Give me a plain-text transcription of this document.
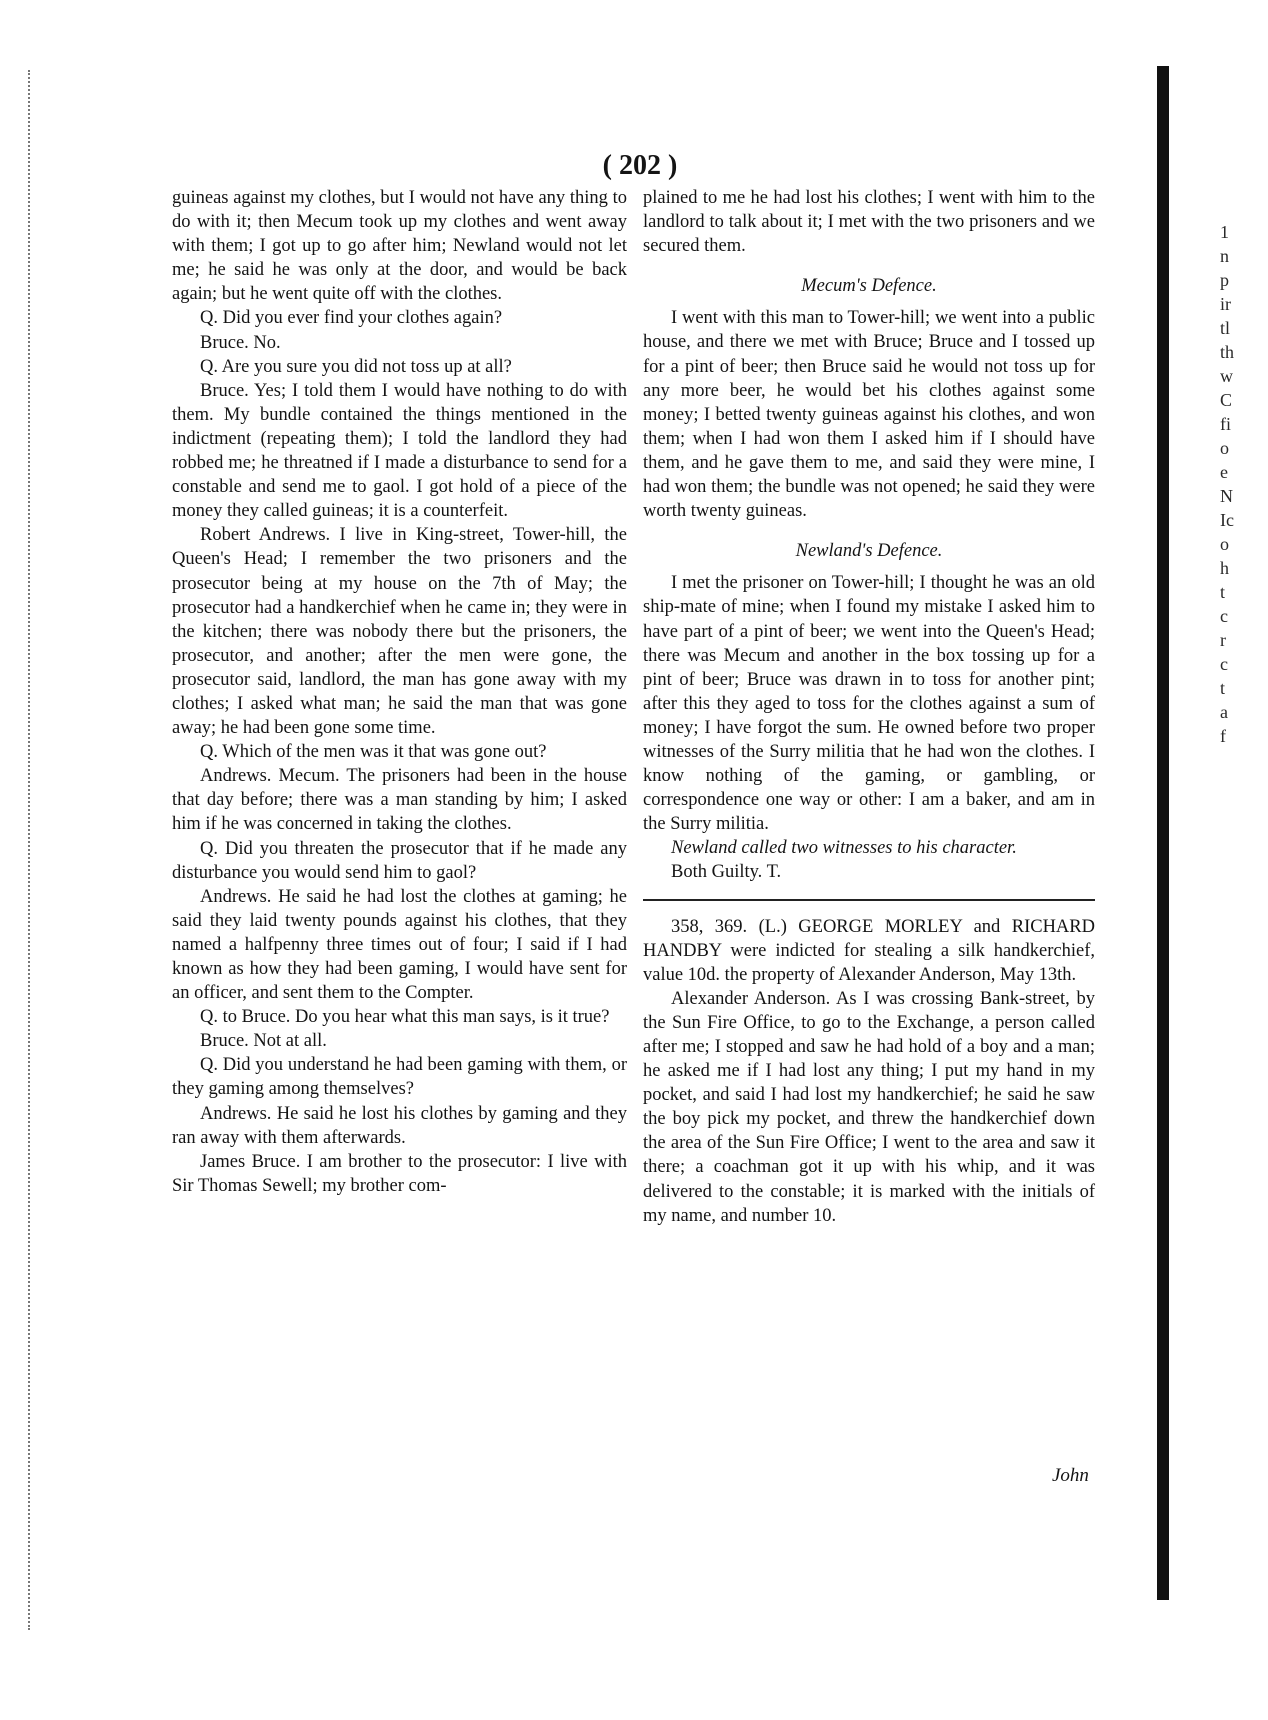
( 202 )

guineas against my clothes, but I would not have any thing to do with it; then Mecum took up my clothes and went away with them; I got up to go after him; Newland would not let me; he said he was only at the door, and would be back again; but he went quite off with the clothes.

Q. Did you ever find your clothes again?

Bruce. No.

Q. Are you sure you did not toss up at all?

Bruce. Yes; I told them I would have nothing to do with them. My bundle contained the things mentioned in the indictment (repeating them); I told the landlord they had robbed me; he threatned if I made a disturbance to send for a constable and send me to gaol. I got hold of a piece of the money they called guineas; it is a counterfeit.

Robert Andrews. I live in King-street, Tower-hill, the Queen's Head; I remember the two prisoners and the prosecutor being at my house on the 7th of May; the prosecutor had a handkerchief when he came in; they were in the kitchen; there was nobody there but the prisoners, the prosecutor, and another; after the men were gone, the prosecutor said, landlord, the man has gone away with my clothes; I asked what man; he said the man that was gone away; he had been gone some time.

Q. Which of the men was it that was gone out?

Andrews. Mecum. The prisoners had been in the house that day before; there was a man standing by him; I asked him if he was concerned in taking the clothes.

Q. Did you threaten the prosecutor that if he made any disturbance you would send him to gaol?

Andrews. He said he had lost the clothes at gaming; he said they laid twenty pounds against his clothes, that they named a halfpenny three times out of four; I said if I had known as how they had been gaming, I would have sent for an officer, and sent them to the Compter.

Q. to Bruce. Do you hear what this man says, is it true?

Bruce. Not at all.

Q. Did you understand he had been gaming with them, or they gaming among themselves?

Andrews. He said he lost his clothes by gaming and they ran away with them afterwards.

James Bruce. I am brother to the prosecutor: I live with Sir Thomas Sewell; my brother com-

plained to me he had lost his clothes; I went with him to the landlord to talk about it; I met with the two prisoners and we secured them.

Mecum's Defence.

I went with this man to Tower-hill; we went into a public house, and there we met with Bruce; Bruce and I tossed up for a pint of beer; then Bruce said he would not toss up for any more beer, he would bet his clothes against some money; I betted twenty guineas against his clothes, and won them; when I had won them I asked him if I should have them, and he gave them to me, and said they were mine, I had won them; the bundle was not opened; he said they were worth twenty guineas.

Newland's Defence.

I met the prisoner on Tower-hill; I thought he was an old ship-mate of mine; when I found my mistake I asked him to have part of a pint of beer; we went into the Queen's Head; there was Mecum and another in the box tossing up for a pint of beer; Bruce was drawn in to toss for another pint; after this they aged to toss for the clothes against a sum of money; I have forgot the sum. He owned before two proper witnesses of the Surry militia that he had won the clothes. I know nothing of the gaming, or gambling, or correspondence one way or other: I am a baker, and am in the Surry militia.

Newland called two witnesses to his character.

Both Guilty. T.

358, 369. (L.) GEORGE MORLEY and RICHARD HANDBY were indicted for stealing a silk handkerchief, value 10d. the property of Alexander Anderson, May 13th.

Alexander Anderson. As I was crossing Bank-street, by the Sun Fire Office, to go to the Exchange, a person called after me; I stopped and saw he had hold of a boy and a man; he asked me if I had lost any thing; I put my hand in my pocket, and said I had lost my handkerchief; he said he saw the boy pick my pocket, and threw the handkerchief down the area of the Sun Fire Office; I went to the area and saw it there; a coachman got it up with his whip, and it was delivered to the constable; it is marked with the initials of my name, and number 10.

John
1
n
p
ir
tl
th
w
C
fi
o
e
N
Ic
o
h
t
c
r
c
t
a
f
